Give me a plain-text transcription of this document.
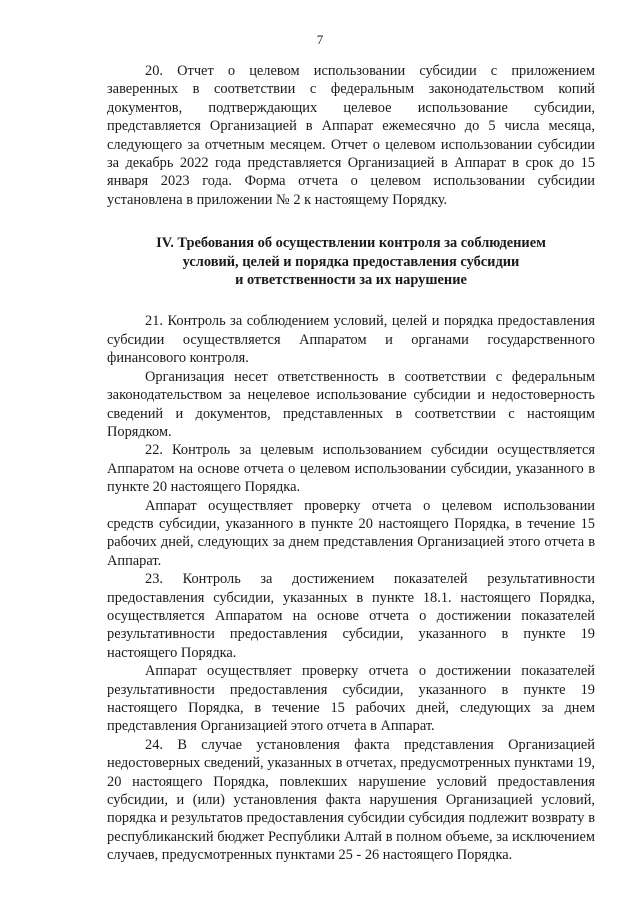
7

20. Отчет о целевом использовании субсидии с приложением заверенных в соответствии с федеральным законодательством копий документов, подтверждающих целевое использование субсидии, представляется Организацией в Аппарат ежемесячно до 5 числа месяца, следующего за отчетным месяцем. Отчет о целевом использовании субсидии за декабрь 2022 года представляется Организацией в Аппарат в срок до 15 января 2023 года. Форма отчета о целевом использовании субсидии установлена в приложении № 2 к настоящему Порядку.

IV. Требования об осуществлении контроля за соблюдением
условий, целей и порядка предоставления субсидии
и ответственности за их нарушение

21. Контроль за соблюдением условий, целей и порядка предоставления субсидии осуществляется Аппаратом и органами государственного финансового контроля.

Организация несет ответственность в соответствии с федеральным законодательством за нецелевое использование субсидии и недостоверность сведений и документов, представленных в соответствии с настоящим Порядком.

22. Контроль за целевым использованием субсидии осуществляется Аппаратом на основе отчета о целевом использовании субсидии, указанного в пункте 20 настоящего Порядка.

Аппарат осуществляет проверку отчета о целевом использовании средств субсидии, указанного в пункте 20 настоящего Порядка, в течение 15 рабочих дней, следующих за днем представления Организацией этого отчета в Аппарат.

23. Контроль за достижением показателей результативности предоставления субсидии, указанных в пункте 18.1. настоящего Порядка, осуществляется Аппаратом на основе отчета о достижении показателей результативности предоставления субсидии, указанного в пункте 19 настоящего Порядка.

Аппарат осуществляет проверку отчета о достижении показателей результативности предоставления субсидии, указанного в пункте 19 настоящего Порядка, в течение 15 рабочих дней, следующих за днем представления Организацией этого отчета в Аппарат.

24. В случае установления факта представления Организацией недостоверных сведений, указанных в отчетах, предусмотренных пунктами 19, 20 настоящего Порядка, повлекших нарушение условий предоставления субсидии, и (или) установления факта нарушения Организацией условий, порядка и результатов предоставления субсидии субсидия подлежит возврату в республиканский бюджет Республики Алтай в полном объеме, за исключением случаев, предусмотренных пунктами 25 - 26 настоящего Порядка.
